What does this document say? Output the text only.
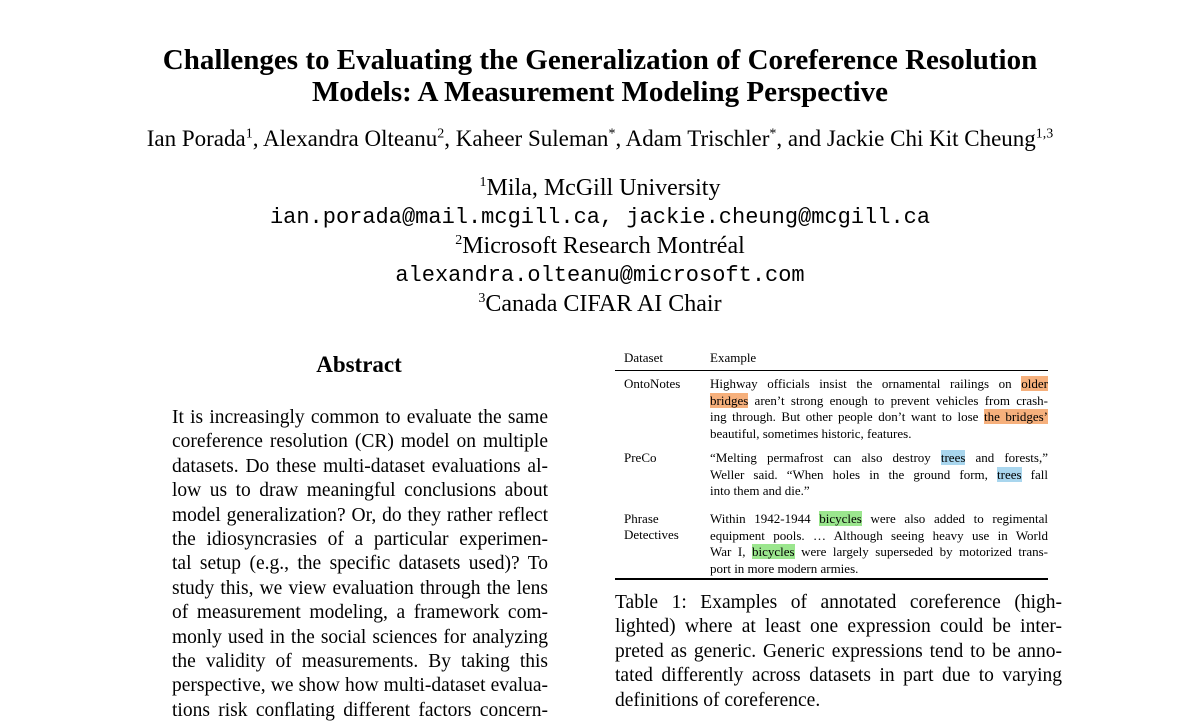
Challenges to Evaluating the Generalization of Coreference Resolution
Models: A Measurement Modeling Perspective
Ian Porada$^1$, Alexandra Olteanu$^2$, Kaheer Suleman*, Adam Trischler*, and Jackie Chi Kit Cheung$^{1,3}$
$^1$Mila, McGill University
ian.porada@mail.mcgill.ca, jackie.cheung@mcgill.ca
$^2$Microsoft Research Montréal
alexandra.olteanu@microsoft.com
$^3$Canada CIFAR AI Chair
Abstract
It is increasingly common to evaluate the same
coreference resolution (CR) model on multiple
datasets. Do these multi-dataset evaluations al-
low us to draw meaningful conclusions about
model generalization? Or, do they rather reflect
the idiosyncrasies of a particular experimen-
tal setup (e.g., the specific datasets used)? To
study this, we view evaluation through the lens
of measurement modeling, a framework com-
monly used in the social sciences for analyzing
the validity of measurements. By taking this
perspective, we show how multi-dataset evalua-
tions risk conflating different factors concern-
Dataset	Example
OntoNotes Highway officials insist the ornamental railings on older
bridges aren’t strong enough to prevent vehicles from crash-
ing through. But other people don’t want to lose the bridges’
beautiful, sometimes historic, features.
PreCo	“Melting permafrost can also destroy trees and forests,”
Weller said. “When holes in the ground form, trees fall
into them and die.”
Phrase
Detectives
Within 1942-1944 bicycles were also added to regimental
equipment pools. … Although seeing heavy use in World
War I, bicycles were largely superseded by motorized trans-
port in more modern armies.
Table 1: Examples of annotated coreference (high-
lighted) where at least one expression could be inter-
preted as generic. Generic expressions tend to be anno-
tated differently across datasets in part due to varying
definitions of coreference.
